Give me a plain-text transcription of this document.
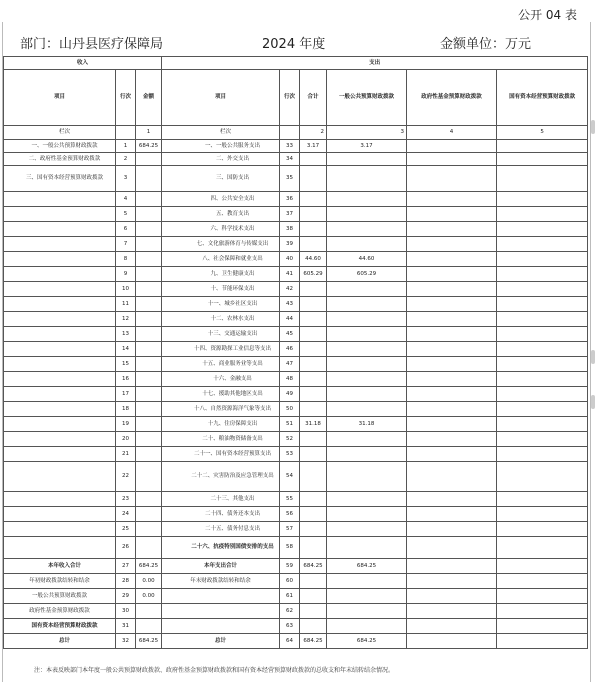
公开 04 表
部门：山丹县医疗保障局	2024 年度	金额单位：万元
收入			支出					
项目	行次	金额	项目	行次	合计	一般公共预算财政拨款	政府性基金预算财政拨款	国有资本经营预算财政拨款
栏次		1	栏次		2	3	4	5
一、一般公共预算财政拨款	1	684.25	一、一般公共服务支出	33	3.17	3.17		
二、政府性基金预算财政拨款	2		二、外交支出	34				
三、国有资本经营预算财政拨款	3		三、国防支出	35				
	4		四、公共安全支出	36				
	5		五、教育支出	37				
	6		六、科学技术支出	38				
	7		七、文化旅游体育与传媒支出	39				
	8		八、社会保障和就业支出	40	44.60	44.60		
	9		九、卫生健康支出	41	605.29	605.29		
	10		十、节能环保支出	42				
	11		十一、城乡社区支出	43				
	12		十二、农林水支出	44				
	13		十三、交通运输支出	45				
	14		十四、资源勘探工业信息等支出	46				
	15		十五、商业服务业等支出	47				
	16		十六、金融支出	48				
	17		十七、援助其他地区支出	49				
	18		十八、自然资源海洋气象等支出	50				
	19		十九、住房保障支出	51	31.18	31.18		
	20		二十、粮油物资储备支出	52				
	21		二十一、国有资本经营预算支出	53				
	22		二十二、灾害防治及应急管理支出	54				
	23		二十三、其他支出	55				
	24		二十四、债务还本支出	56				
	25		二十五、债务付息支出	57				
	26		二十六、抗疫特别国债安排的支出	58				
本年收入合计	27	684.25	本年支出合计	59	684.25	684.25		
年初财政拨款结转和结余	28	0.00	年末财政拨款结转和结余	60				
一般公共预算财政拨款	29	0.00		61				
政府性基金预算财政拨款	30			62				
国有资本经营预算财政拨款	31			63				
总计	32	684.25	总计	64	684.25	684.25		
注：本表反映部门本年度一般公共预算财政拨款、政府性基金预算财政拨款和国有资本经营预算财政拨款的总收支和年末结转结余情况。
